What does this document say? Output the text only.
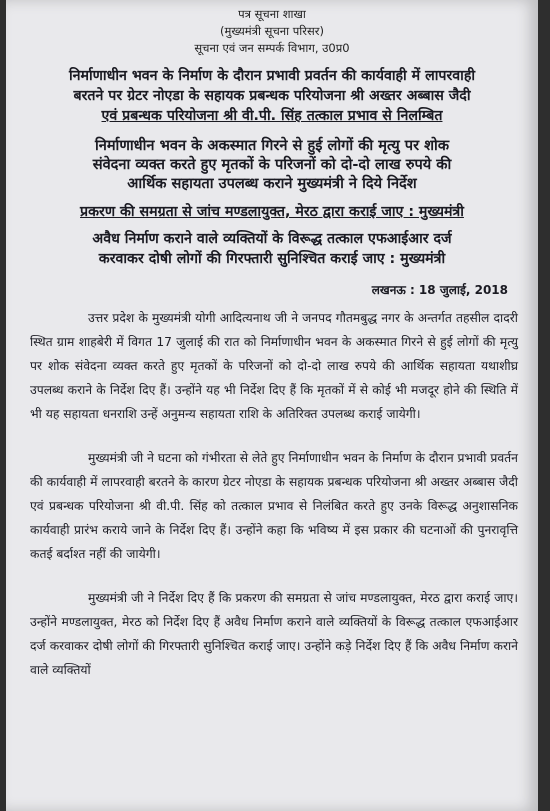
पत्र सूचना शाखा
(मुख्यमंत्री सूचना परिसर)
सूचना एवं जन सम्पर्क विभाग, उ0प्र0
निर्माणाधीन भवन के निर्माण के दौरान प्रभावी प्रवर्तन की कार्यवाही में लापरवाही
बरतने पर ग्रेटर नोएडा के सहायक प्रबन्धक परियोजना श्री अख्तर अब्बास जैदी
एवं प्रबन्धक परियोजना श्री वी.पी. सिंह तत्काल प्रभाव से निलम्बित
निर्माणाधीन भवन के अकस्मात गिरने से हुई लोगों की मृत्यु पर शोक
संवेदना व्यक्त करते हुए मृतकों के परिजनों को दो-दो लाख रुपये की
आर्थिक सहायता उपलब्ध कराने मुख्यमंत्री ने दिये निर्देश
प्रकरण की समग्रता से जांच मण्डलायुक्त, मेरठ द्वारा कराई जाए : मुख्यमंत्री
अवैध निर्माण कराने वाले व्यक्तियों के विरूद्ध तत्काल एफआईआर दर्ज
करवाकर दोषी लोगों की गिरफ्तारी सुनिश्चित कराई जाए : मुख्यमंत्री
लखनऊ : 18 जुलाई, 2018

उत्तर प्रदेश के मुख्यमंत्री योगी आदित्यनाथ जी ने जनपद गौतमबुद्ध नगर के अन्तर्गत तहसील दादरी स्थित ग्राम शाहबेरी में विगत 17 जुलाई की रात को निर्माणाधीन भवन के अकस्मात गिरने से हुई लोगों की मृत्यु पर शोक संवेदना व्यक्त करते हुए मृतकों के परिजनों को दो-दो लाख रुपये की आर्थिक सहायता यथाशीघ्र उपलब्ध कराने के निर्देश दिए हैं। उन्होंने यह भी निर्देश दिए हैं कि मृतकों में से कोई भी मजदूर होने की स्थिति में भी यह सहायता धनराशि उन्हें अनुमन्य सहायता राशि के अतिरिक्त उपलब्ध कराई जायेगी।

मुख्यमंत्री जी ने घटना को गंभीरता से लेते हुए निर्माणाधीन भवन के निर्माण के दौरान प्रभावी प्रवर्तन की कार्यवाही में लापरवाही बरतने के कारण ग्रेटर नोएडा के सहायक प्रबन्धक परियोजना श्री अख्तर अब्बास जैदी एवं प्रबन्धक परियोजना श्री वी.पी. सिंह को तत्काल प्रभाव से निलंबित करते हुए उनके विरूद्ध अनुशासनिक कार्यवाही प्रारंभ कराये जाने के निर्देश दिए हैं। उन्होंने कहा कि भविष्य में इस प्रकार की घटनाओं की पुनरावृत्ति कतई बर्दाश्त नहीं की जायेगी।

मुख्यमंत्री जी ने निर्देश दिए हैं कि प्रकरण की समग्रता से जांच मण्डलायुक्त, मेरठ द्वारा कराई जाए। उन्होंने मण्डलायुक्त, मेरठ को निर्देश दिए हैं अवैध निर्माण कराने वाले व्यक्तियों के विरूद्ध तत्काल एफआईआर दर्ज करवाकर दोषी लोगों की गिरफ्तारी सुनिश्चित कराई जाए। उन्होंने कड़े निर्देश दिए हैं कि अवैध निर्माण कराने वाले व्यक्तियों
